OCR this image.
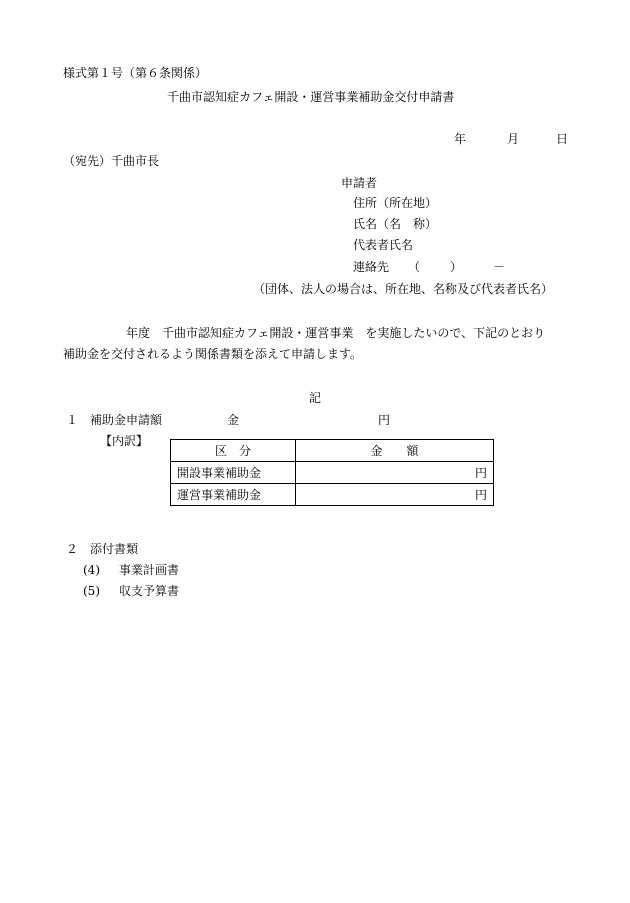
様式第１号（第６条関係）
千曲市認知症カフェ開設・運営事業補助金交付申請書
年	月	日
（宛先）千曲市長
申請者
住所（所在地）
氏名（名　称）
代表者氏名
連絡先 （ ）	－
（団体、法人の場合は、所在地、名称及び代表者氏名）
年度　千曲市認知症カフェ開設・運営事業　を実施したいので、下記のとおり
補助金を交付されるよう関係書類を添えて申請します。
記
１　補助金申請額	金	円
【内訳】
区　分	金　　額
開設事業補助金	円
運営事業補助金	円
２　添付書類
(4) 事業計画書
(5) 収支予算書
